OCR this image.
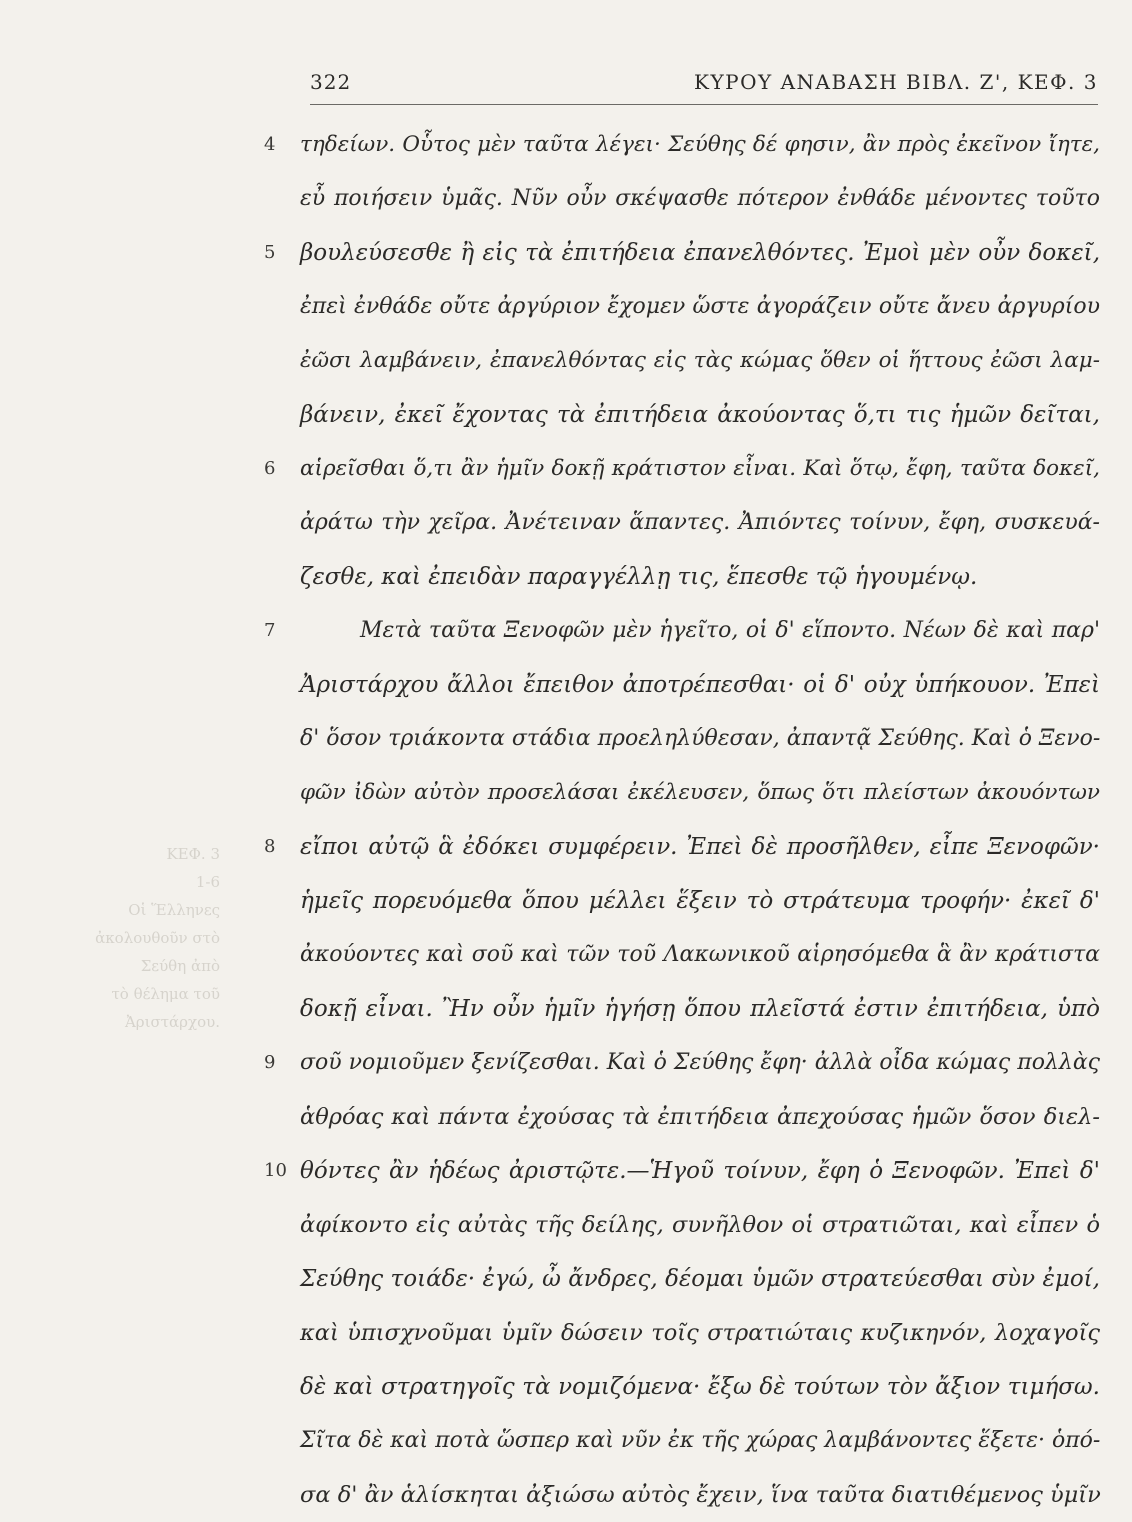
322	ΚΥΡΟΥ ΑΝΑΒΑΣΗ ΒΙΒΛ. Ζ', ΚΕΦ. 3
ΚΕΦ. 3
1-6
Οἱ Ἕλληνες
ἀκολουθοῦν στὸ
Σεύθη ἀπὸ
τὸ θέλημα τοῦ
Ἀριστάρχου.
4
5
6
7
8
9
10
τηδείων. Οὗτος μὲν ταῦτα λέγει· Σεύθης δέ φησιν, ἂν πρὸς ἐκεῖνον ἴητε,
εὖ ποιήσειν ὑμᾶς. Νῦν οὖν σκέψασθε πότερον ἐνθάδε μένοντες τοῦτο
βουλεύσεσθε ἢ εἰς τὰ ἐπιτήδεια ἐπανελθόντες. Ἐμοὶ μὲν οὖν δοκεῖ,
ἐπεὶ ἐνθάδε οὔτε ἀργύριον ἔχομεν ὥστε ἀγοράζειν οὔτε ἄνευ ἀργυρίου
ἐῶσι λαμβάνειν, ἐπανελθόντας εἰς τὰς κώμας ὅθεν οἱ ἥττους ἐῶσι λαμ-
βάνειν, ἐκεῖ ἔχοντας τὰ ἐπιτήδεια ἀκούοντας ὅ,τι τις ἡμῶν δεῖται,
αἱρεῖσθαι ὅ,τι ἂν ἡμῖν δοκῇ κράτιστον εἶναι. Καὶ ὅτῳ, ἔφη, ταῦτα δοκεῖ,
ἀράτω τὴν χεῖρα. Ἀνέτειναν ἅπαντες. Ἀπιόντες τοίνυν, ἔφη, συσκευά-
ζεσθε, καὶ ἐπειδὰν παραγγέλλῃ τις, ἕπεσθε τῷ ἡγουμένῳ.
Μετὰ ταῦτα Ξενοφῶν μὲν ἡγεῖτο, οἱ δ' εἵποντο. Νέων δὲ καὶ παρ'
Ἀριστάρχου ἄλλοι ἔπειθον ἀποτρέπεσθαι· οἱ δ' οὐχ ὑπήκουον. Ἐπεὶ
δ' ὅσον τριάκοντα στάδια προεληλύθεσαν, ἀπαντᾷ Σεύθης. Καὶ ὁ Ξενο-
φῶν ἰδὼν αὐτὸν προσελάσαι ἐκέλευσεν, ὅπως ὅτι πλείστων ἀκουόντων
εἴποι αὐτῷ ἃ ἐδόκει συμφέρειν. Ἐπεὶ δὲ προσῆλθεν, εἶπε Ξενοφῶν·
ἡμεῖς πορευόμεθα ὅπου μέλλει ἕξειν τὸ στράτευμα τροφήν· ἐκεῖ δ'
ἀκούοντες καὶ σοῦ καὶ τῶν τοῦ Λακωνικοῦ αἱρησόμεθα ἃ ἂν κράτιστα
δοκῇ εἶναι. Ἢν οὖν ἡμῖν ἡγήσῃ ὅπου πλεῖστά ἐστιν ἐπιτήδεια, ὑπὸ
σοῦ νομιοῦμεν ξενίζεσθαι. Καὶ ὁ Σεύθης ἔφη· ἀλλὰ οἶδα κώμας πολλὰς
ἁθρόας καὶ πάντα ἐχούσας τὰ ἐπιτήδεια ἀπεχούσας ἡμῶν ὅσον διελ-
θόντες ἂν ἡδέως ἀριστῷτε.—Ἡγοῦ τοίνυν, ἔφη ὁ Ξενοφῶν. Ἐπεὶ δ'
ἀφίκοντο εἰς αὐτὰς τῆς δείλης, συνῆλθον οἱ στρατιῶται, καὶ εἶπεν ὁ
Σεύθης τοιάδε· ἐγώ, ὦ ἄνδρες, δέομαι ὑμῶν στρατεύεσθαι σὺν ἐμοί,
καὶ ὑπισχνοῦμαι ὑμῖν δώσειν τοῖς στρατιώταις κυζικηνόν, λοχαγοῖς
δὲ καὶ στρατηγοῖς τὰ νομιζόμενα· ἔξω δὲ τούτων τὸν ἄξιον τιμήσω.
Σῖτα δὲ καὶ ποτὰ ὥσπερ καὶ νῦν ἐκ τῆς χώρας λαμβάνοντες ἕξετε· ὁπό-
σα δ' ἂν ἁλίσκηται ἀξιώσω αὐτὸς ἔχειν, ἵνα ταῦτα διατιθέμενος ὑμῖν
